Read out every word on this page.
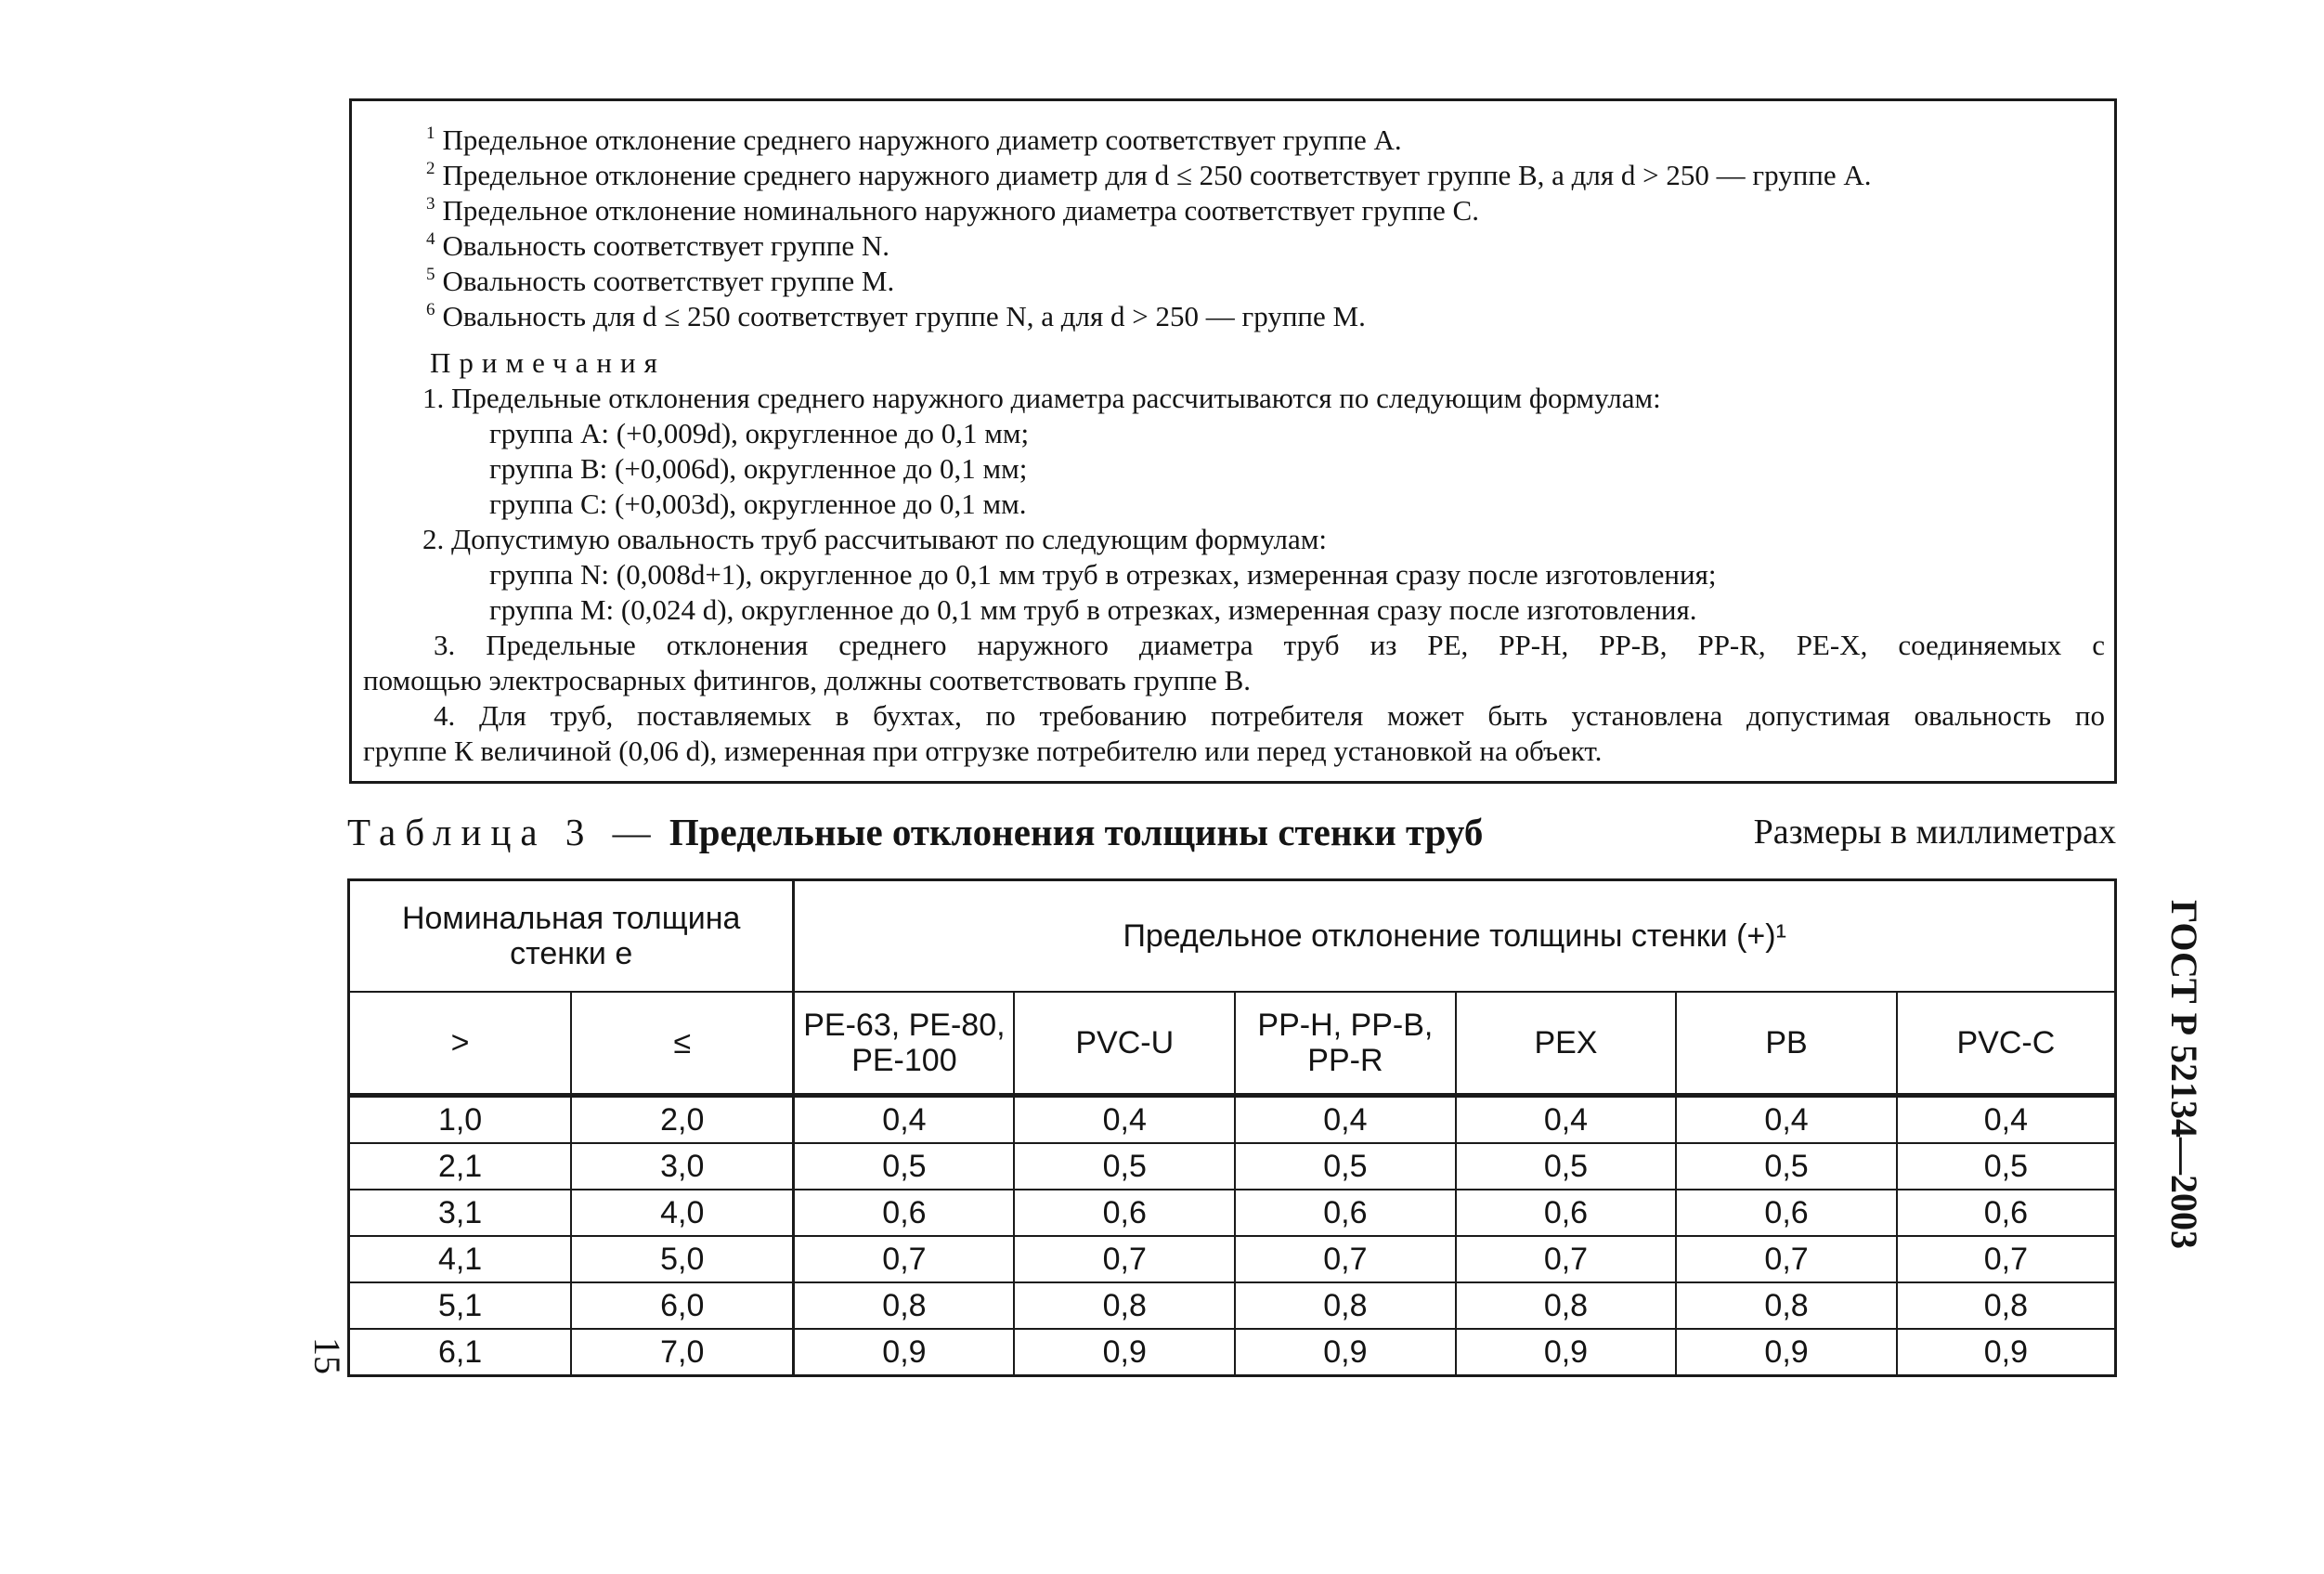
$^1$ Предельное отклонение среднего наружного диаметр соответствует группе А.
$^2$ Предельное отклонение среднего наружного диаметр для d ≤ 250 соответствует группе В, а для d > 250 — группе А.
$^3$ Предельное отклонение номинального наружного диаметра соответствует группе С.
$^4$ Овальность соответствует группе N.
$^5$ Овальность соответствует группе М.
$^6$ Овальность для d ≤ 250 соответствует группе N, а для d > 250 — группе М.
Примечания
1. Предельные отклонения среднего наружного диаметра рассчитываются по следующим формулам:
группа А: (+0,009d), округленное до 0,1 мм;
группа В: (+0,006d), округленное до 0,1 мм;
группа С: (+0,003d), округленное до 0,1 мм.
2. Допустимую овальность труб рассчитывают по следующим формулам:
группа N: (0,008d+1), округленное до 0,1 мм труб в отрезках, измеренная сразу после изготовления;
группа М: (0,024 d), округленное до 0,1 мм труб в отрезках, измеренная сразу после изготовления.
3. Предельные отклонения среднего наружного диаметра труб из РЕ, РР-Н, РР-В, РР-R, РЕ-Х, соединяемых с
помощью электросварных фитингов, должны соответствовать группе В.
4. Для труб, поставляемых в бухтах, по требованию потребителя может быть установлена допустимая овальность по
группе К величиной (0,06 d), измеренная при отгрузке потребителю или перед установкой на объект.
Таблица 3 — Предельные отклонения толщины стенки труб	Размеры в миллиметрах
Номинальная толщина стенки e		Предельное отклонение толщины стенки (+)¹					
>	≤	PE-63, PE-80, PE-100	PVC-U	PP-H, PP-B, PP-R	PEX	PB	PVC-C
1,0	2,0	0,4	0,4	0,4	0,4	0,4	0,4
2,1	3,0	0,5	0,5	0,5	0,5	0,5	0,5
3,1	4,0	0,6	0,6	0,6	0,6	0,6	0,6
4,1	5,0	0,7	0,7	0,7	0,7	0,7	0,7
5,1	6,0	0,8	0,8	0,8	0,8	0,8	0,8
6,1	7,0	0,9	0,9	0,9	0,9	0,9	0,9
15
ГОСТ Р 52134—2003
